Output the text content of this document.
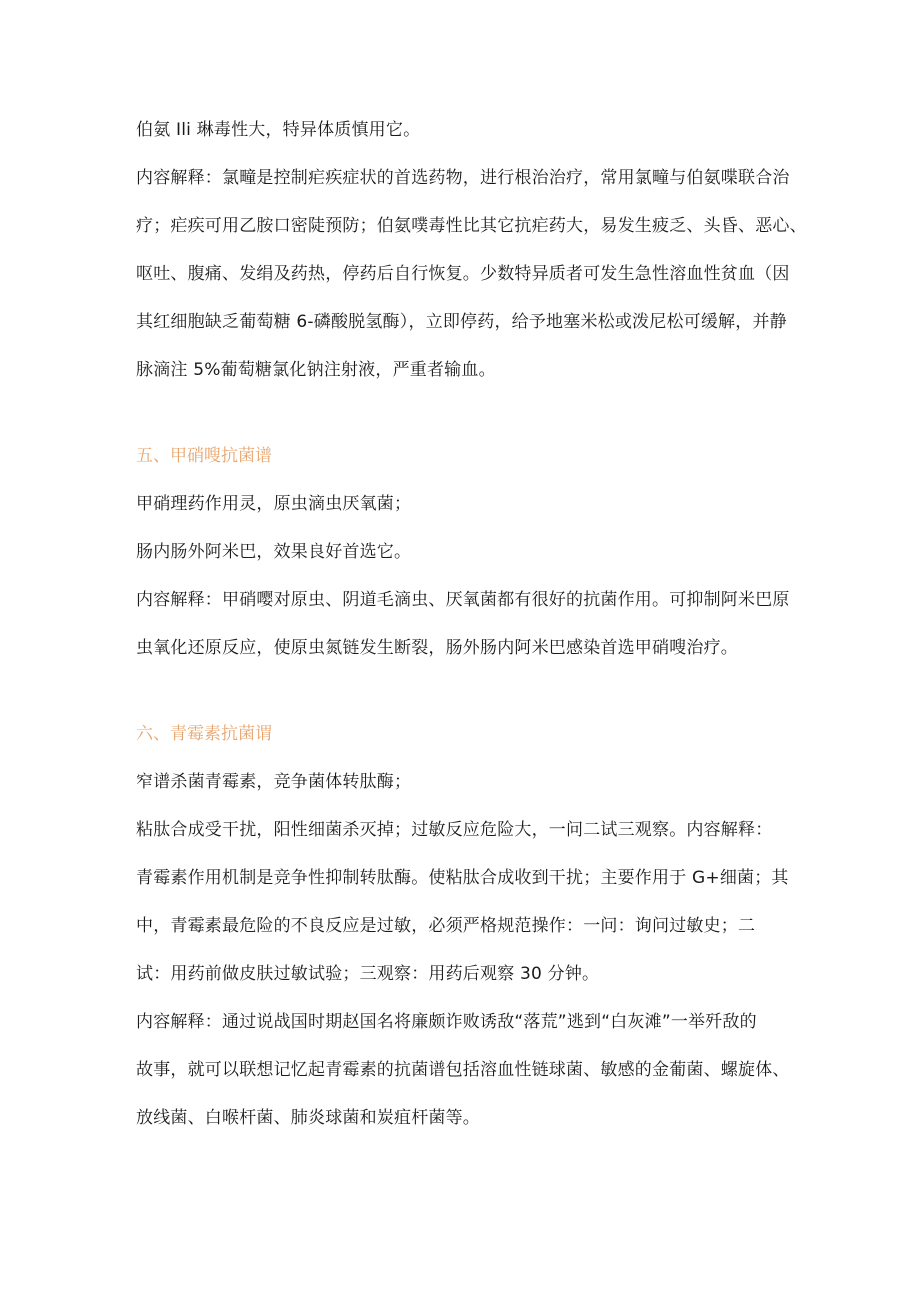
伯氨 Ili 琳毒性大，特异体质慎用它。
内容解释：氯疃是控制疟疾症状的首选药物，进行根治治疗，常用氯疃与伯氨喋联合治
疗；疟疾可用乙胺口密陡预防；伯氨噗毒性比其它抗疟药大，易发生疲乏、头昏、恶心、
呕吐、腹痛、发绢及药热，停药后自行恢复。少数特异质者可发生急性溶血性贫血（因
其红细胞缺乏葡萄糖 6-磷酸脱氢酶），立即停药，给予地塞米松或泼尼松可缓解，并静
脉滴注 5%葡萄糖氯化钠注射液，严重者输血。
五、甲硝嗖抗菌谱
甲硝理药作用灵，原虫滴虫厌氧菌；
肠内肠外阿米巴，效果良好首选它。
内容解释：甲硝嘤对原虫、阴道毛滴虫、厌氧菌都有很好的抗菌作用。可抑制阿米巴原
虫氧化还原反应，使原虫氮链发生断裂，肠外肠内阿米巴感染首选甲硝嗖治疗。
六、青霉素抗菌谓
窄谱杀菌青霉素，竞争菌体转肽酶；
粘肽合成受干扰，阳性细菌杀灭掉；过敏反应危险大，一问二试三观察。内容解释：
青霉素作用机制是竞争性抑制转肽酶。使粘肽合成收到干扰；主要作用于 G+细菌；其
中，青霉素最危险的不良反应是过敏，必须严格规范操作：一问：询问过敏史；二
试：用药前做皮肤过敏试验；三观察：用药后观察 30 分钟。
内容解释：通过说战国时期赵国名将廉颇诈败诱敌“落荒”逃到“白灰滩”一举歼敌的
故事，就可以联想记忆起青霉素的抗菌谱包括溶血性链球菌、敏感的金葡菌、螺旋体、
放线菌、白喉杆菌、肺炎球菌和炭疽杆菌等。
